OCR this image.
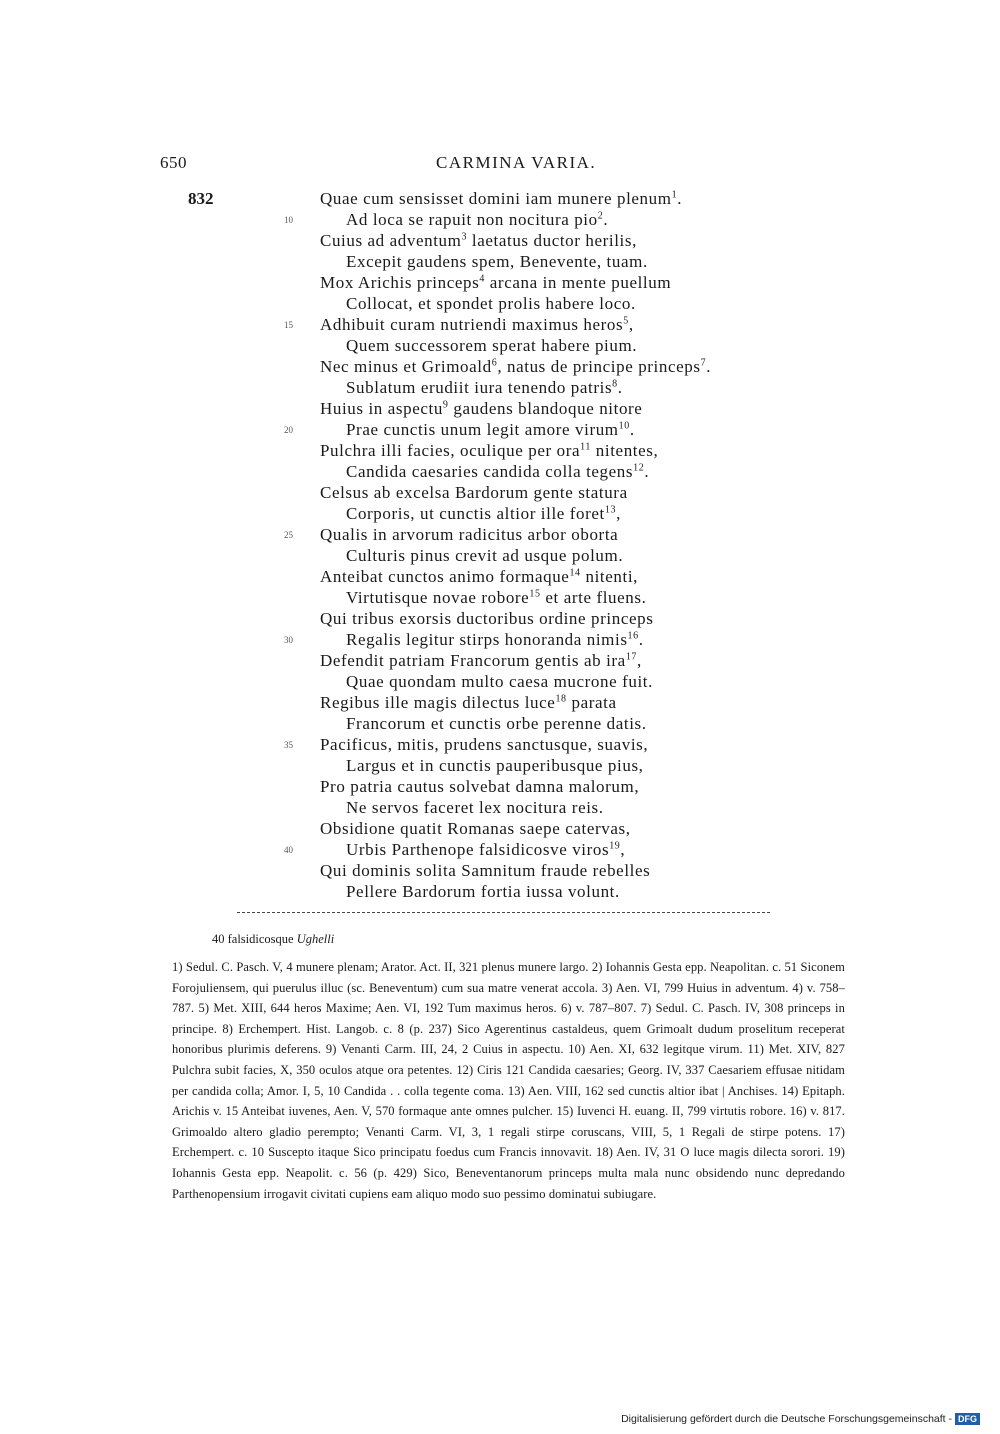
650	CARMINA VARIA.
832	Quae cum sensisset domini iam munere plenum$^1$.
Ad loca se rapuit non nocitura pio$^2$.
Cuius ad adventum$^3$ laetatus ductor herilis,
Excepit gaudens spem, Benevente, tuam.
Mox Arichis princeps$^4$ arcana in mente puellum
Collocat, et spondet prolis habere loco.
Adhibuit curam nutriendi maximus heros$^5$,
Quem successorem sperat habere pium.
Nec minus et Grimoald$^6$, natus de principe princeps$^7$.
Sublatum erudiit iura tenendo patris$^8$.
Huius in aspectu$^9$ gaudens blandoque nitore
Prae cunctis unum legit amore virum$^{10}$.
Pulchra illi facies, oculique per ora$^{11}$ nitentes,
Candida caesaries candida colla tegens$^{12}$.
Celsus ab excelsa Bardorum gente statura
Corporis, ut cunctis altior ille foret$^{13}$,
Qualis in arvorum radicitus arbor oborta
Culturis pinus crevit ad usque polum.
Anteibat cunctos animo formaque$^{14}$ nitenti,
Virtutisque novae robore$^{15}$ et arte fluens.
Qui tribus exorsis ductoribus ordine princeps
Regalis legitur stirps honoranda nimis$^{16}$.
Defendit patriam Francorum gentis ab ira$^{17}$,
Quae quondam multo caesa mucrone fuit.
Regibus ille magis dilectus luce$^{18}$ parata
Francorum et cunctis orbe perenne datis.
Pacificus, mitis, prudens sanctusque, suavis,
Largus et in cunctis pauperibusque pius,
Pro patria cautus solvebat damna malorum,
Ne servos faceret lex nocitura reis.
Obsidione quatit Romanas saepe catervas,
Urbis Parthenope falsidicosve viros$^{19}$,
Qui dominis solita Samnitum fraude rebelles
Pellere Bardorum fortia iussa volunt.
10
15
20
25
30
35
40
40 falsidicosque Ughelli
1) Sedul. C. Pasch. V, 4 munere plenam; Arator. Act. II, 321 plenus munere largo. 2) Iohannis Gesta epp. Neapolitan. c. 51 Siconem Forojuliensem, qui puerulus illuc (sc. Beneventum) cum sua matre venerat accola. 3) Aen. VI, 799 Huius in adventum. 4) v. 758–787. 5) Met. XIII, 644 heros Maxime; Aen. VI, 192 Tum maximus heros. 6) v. 787–807. 7) Sedul. C. Pasch. IV, 308 princeps in principe. 8) Erchempert. Hist. Langob. c. 8 (p. 237) Sico Agerentinus castaldeus, quem Grimoalt dudum proselitum receperat honoribus plurimis deferens. 9) Venanti Carm. III, 24, 2 Cuius in aspectu. 10) Aen. XI, 632 legitque virum. 11) Met. XIV, 827 Pulchra subit facies, X, 350 oculos atque ora petentes. 12) Ciris 121 Candida caesaries; Georg. IV, 337 Caesariem effusae nitidam per candida colla; Amor. I, 5, 10 Candida . . colla tegente coma. 13) Aen. VIII, 162 sed cunctis altior ibat | Anchises. 14) Epitaph. Arichis v. 15 Anteibat iuvenes, Aen. V, 570 formaque ante omnes pulcher. 15) Iuvenci H. euang. II, 799 virtutis robore. 16) v. 817. Grimoaldo altero gladio perempto; Venanti Carm. VI, 3, 1 regali stirpe coruscans, VIII, 5, 1 Regali de stirpe potens. 17) Erchempert. c. 10 Suscepto itaque Sico principatu foedus cum Francis innovavit. 18) Aen. IV, 31 O luce magis dilecta sorori. 19) Iohannis Gesta epp. Neapolit. c. 56 (p. 429) Sico, Beneventanorum princeps multa mala nunc obsidendo nunc depredando Parthenopensium irrogavit civitati cupiens eam aliquo modo suo pessimo dominatui subiugare.
Digitalisierung gefördert durch die Deutsche Forschungsgemeinschaft - DFG
